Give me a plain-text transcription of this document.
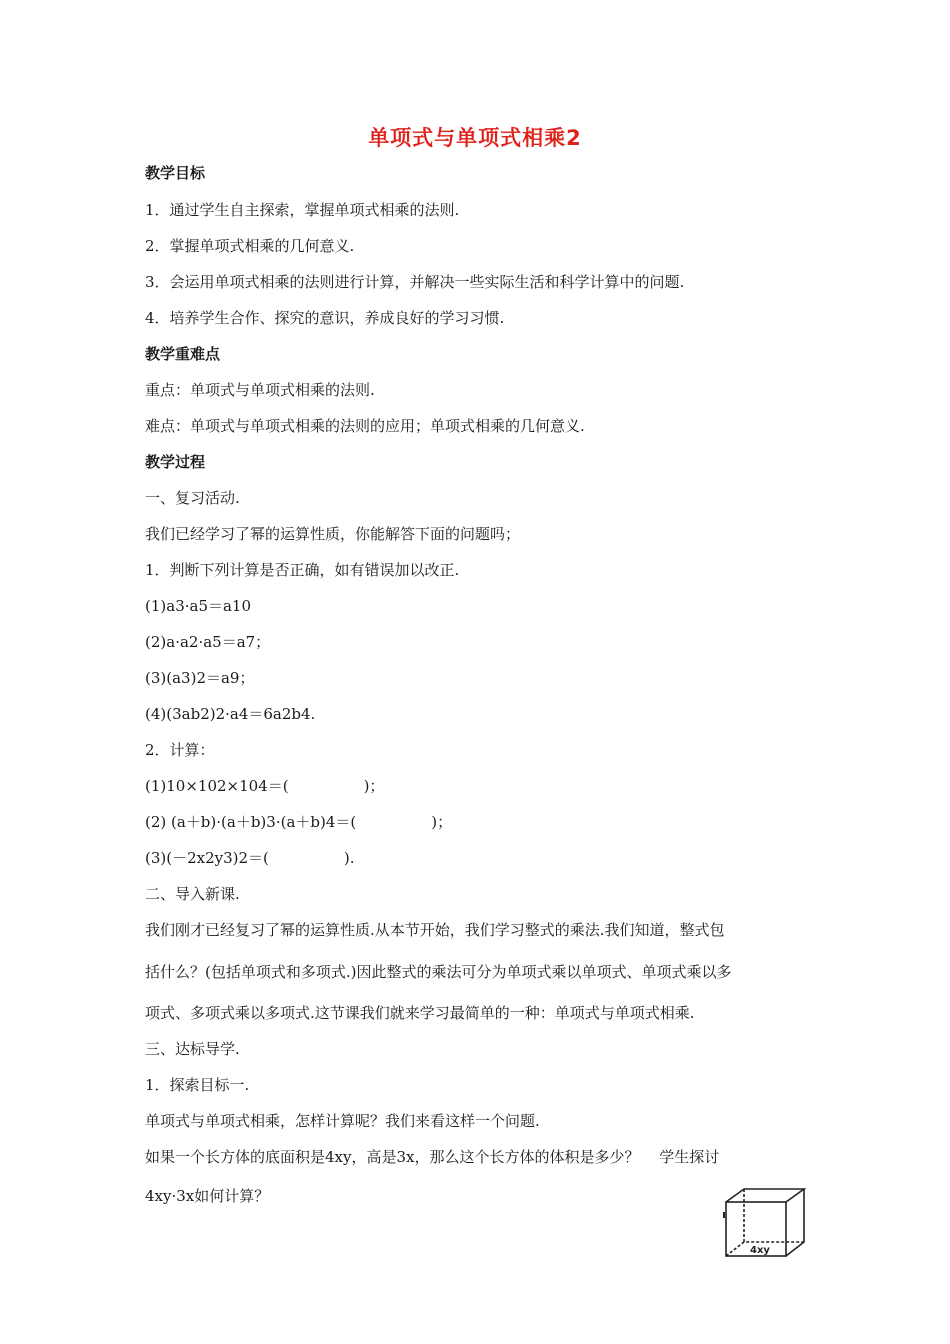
单项式与单项式相乘2
教学目标
1．通过学生自主探索，掌握单项式相乘的法则.
2．掌握单项式相乘的几何意义.
3．会运用单项式相乘的法则进行计算，并解决一些实际生活和科学计算中的问题.
4．培养学生合作、探究的意识，养成良好的学习习惯.
教学重难点
重点：单项式与单项式相乘的法则.
难点：单项式与单项式相乘的法则的应用；单项式相乘的几何意义.
教学过程
一、复习活动.
我们已经学习了幂的运算性质，你能解答下面的问题吗；
1．判断下列计算是否正确，如有错误加以改正.
(1)a3·a5＝a10
(2)a·a2·a5＝a7；
(3)(a3)2＝a9；
(4)(3ab2)2·a4＝6a2b4.
2．计算：
(1)10×102×104＝(　　　　　)；
(2) (a＋b)·(a＋b)3·(a＋b)4＝(　　　　　)；
(3)(－2x2y3)2＝(　　　　　).
二、导入新课.
我们刚才已经复习了幂的运算性质.从本节开始，我们学习整式的乘法.我们知道，整式包
括什么？(包括单项式和多项式.)因此整式的乘法可分为单项式乘以单项式、单项式乘以多
项式、多项式乘以多项式.这节课我们就来学习最简单的一种：单项式与单项式相乘.
三、达标导学.
1．探索目标一.
单项式与单项式相乘，怎样计算呢？我们来看这样一个问题.
如果一个长方体的底面积是4xy，高是3x，那么这个长方体的体积是多少？　 学生探讨
4xy·3x如何计算？
4xy
